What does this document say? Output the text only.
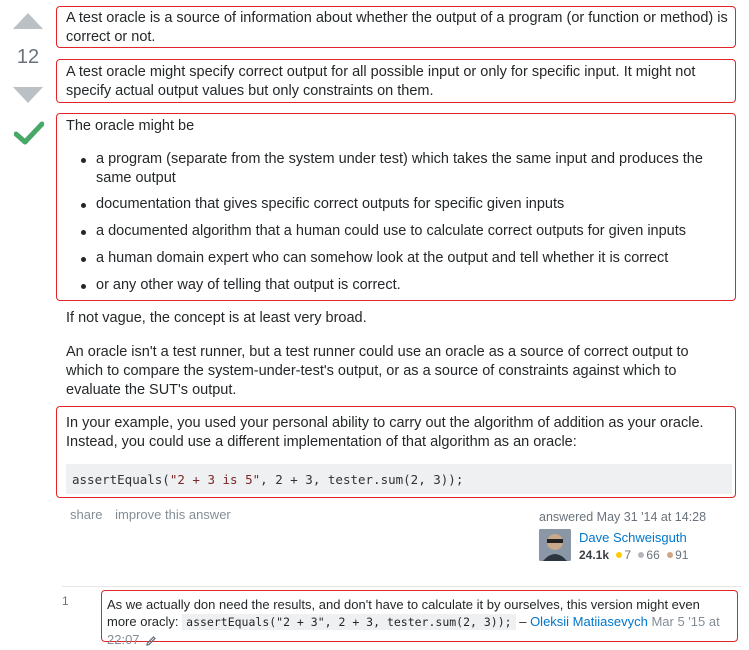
12

A test oracle is a source of information about whether the output of a program (or function or method) is correct or not.

A test oracle might specify correct output for all possible input or only for specific input. It might not specify actual output values but only constraints on them.

The oracle might be

a program (separate from the system under test) which takes the same input and produces the same output
documentation that gives specific correct outputs for specific given inputs
a documented algorithm that a human could use to calculate correct outputs for given inputs
a human domain expert who can somehow look at the output and tell whether it is correct
or any other way of telling that output is correct.

If not vague, the concept is at least very broad.

An oracle isn't a test runner, but a test runner could use an oracle as a source of correct output to which to compare the system-under-test's output, or as a source of constraints against which to evaluate the SUT's output.

In your example, you used your personal ability to carry out the algorithm of addition as your oracle. Instead, you could use a different implementation of that algorithm as an oracle:

assertEquals("2 + 3 is 5", 2 + 3, tester.sum(2, 3));
share improve this answer	answered May 31 '14 at 14:28
Dave Schweisguth
24.1k 7 66 91
1	As we actually don need the results, and don't have to calculate it by ourselves, this version might even more oracly: assertEquals("2 + 3", 2 + 3, tester.sum(2, 3)); – Oleksii Matiiasevych Mar 5 '15 at 22:07
